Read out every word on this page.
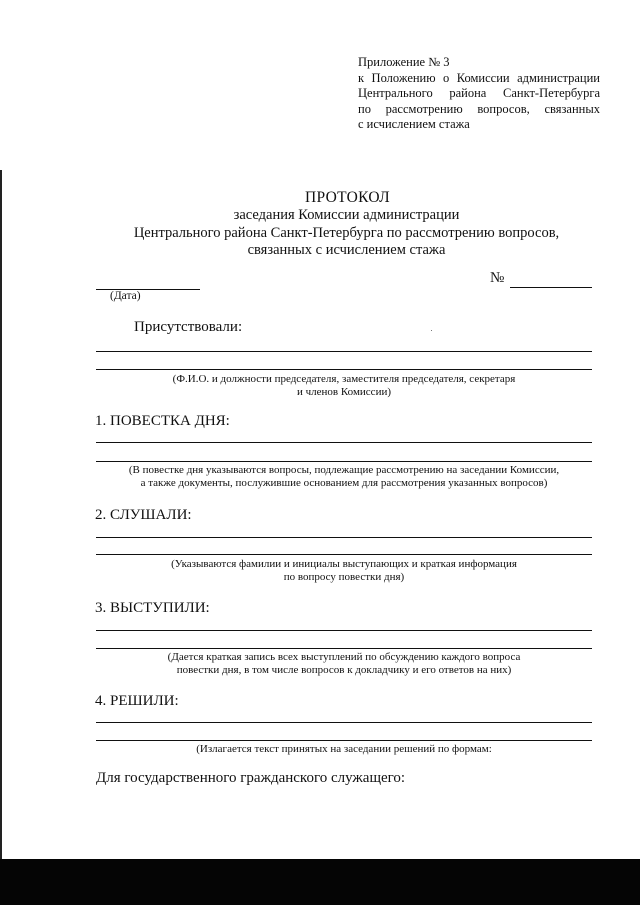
Приложение № 3
к Положению о Комиссии администрации
Центрального района Санкт-Петербурга
по рассмотрению вопросов, связанных
с исчислением стажа
ПРОТОКОЛ
заседания Комиссии администрации
Центрального района Санкт-Петербурга по рассмотрению вопросов,
связанных с исчислением стажа
№
(Дата)
Присутствовали:
(Ф.И.О. и должности председателя, заместителя председателя, секретаря
и членов Комиссии)
1. ПОВЕСТКА ДНЯ:
(В повестке дня указываются вопросы, подлежащие рассмотрению на заседании Комиссии,
а также документы, послужившие основанием для рассмотрения указанных вопросов)
2. СЛУШАЛИ:
(Указываются фамилии и инициалы выступающих и краткая информация
по вопросу повестки дня)
3. ВЫСТУПИЛИ:
(Дается краткая запись всех выступлений по обсуждению каждого вопроса
повестки дня, в том числе вопросов к докладчику и его ответов на них)
4. РЕШИЛИ:
(Излагается текст принятых на заседании решений по формам:
Для государственного гражданского служащего:
